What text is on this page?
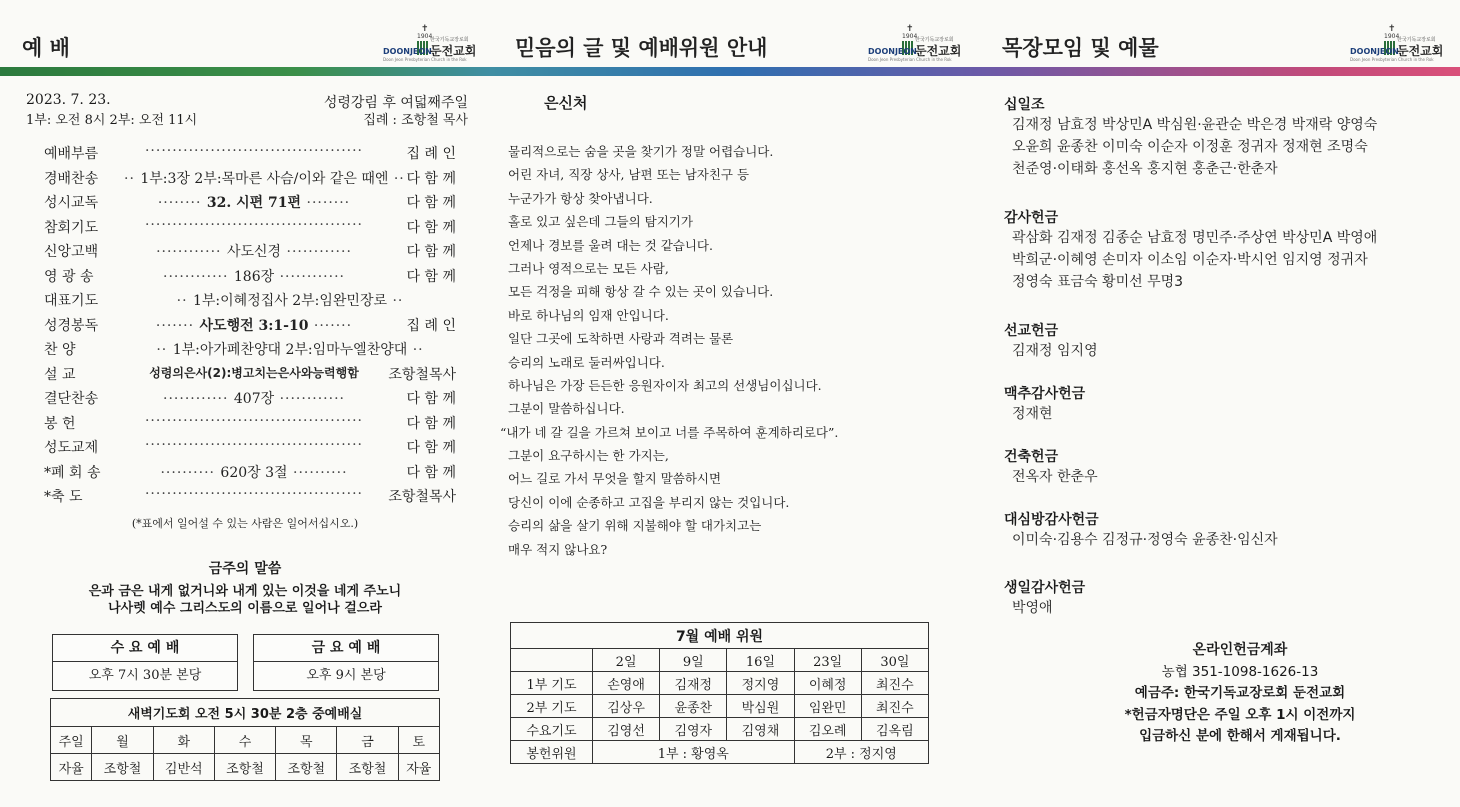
예 배
✝
1904
한국기독교장로회
DOONJEON
둔전교회
Doon Jeon Presbyterian Church in the Rok
2023. 7. 23.
1부: 오전 8시 2부: 오전 11시
성령강림 후 여덟째주일
집례 : 조항철 목사
예배부름	········································	집 례 인
경배찬송	·· 1부:3장 2부:목마른 사슴/이와 같은 때엔 ·· 다 함 께
성시교독	········ 32. 시편 71편 ········	다 함 께
참회기도	········································	다 함 께
신앙고백	············ 사도신경 ············	다 함 께
영 광 송	············ 186장 ············	다 함 께
대표기도	·· 1부:이혜정집사 2부:임완민장로 ··
성경봉독	······· 사도행전 3:1-10 ·······	집 례 인
찬 양	·· 1부:아가페찬양대 2부:임마누엘찬양대 ··
설 교	성령의은사(2):병고치는은사와능력행함	조항철목사
결단찬송	············ 407장 ············	다 함 께
봉 헌	········································	다 함 께
성도교제	········································	다 함 께
*폐 회 송	·········· 620장 3절 ··········	다 함 께
*축 도	········································	조항철목사
(*표에서 일어설 수 있는 사람은 일어서십시오.)
금주의 말씀
은과 금은 내게 없거니와 내게 있는 이것을 네게 주노니
나사렛 예수 그리스도의 이름으로 일어나 걸으라
수 요 예 배
오후 7시 30분 본당
금 요 예 배
오후 9시 본당
새벽기도회 오전 5시 30분 2층 중예배실						
주일	월	화	수	목	금	토
자율	조항철	김반석	조항철	조항철	조항철	자율
믿음의 글 및 예배위원 안내
✝
1904
한국기독교장로회
DOONJEON
둔전교회
Doon Jeon Presbyterian Church in the Rok
은신처
물리적으로는 숨을 곳을 찾기가 정말 어렵습니다.
어린 자녀, 직장 상사, 남편 또는 남자친구 등
누군가가 항상 찾아냅니다.
홀로 있고 싶은데 그들의 탐지기가
언제나 경보를 울려 대는 것 같습니다.
그러나 영적으로는 모든 사람,
모든 걱정을 피해 항상 갈 수 있는 곳이 있습니다.
바로 하나님의 임재 안입니다.
일단 그곳에 도착하면 사랑과 격려는 물론
승리의 노래로 둘러싸입니다.
하나님은 가장 든든한 응원자이자 최고의 선생님이십니다.
그분이 말씀하십니다.
“내가 네 갈 길을 가르쳐 보이고 너를 주목하여 훈계하리로다”.
그분이 요구하시는 한 가지는,
어느 길로 가서 무엇을 할지 말씀하시면
당신이 이에 순종하고 고집을 부리지 않는 것입니다.
승리의 삶을 살기 위해 지불해야 할 대가치고는
매우 적지 않나요?
7월 예배 위원					
	2일	9일	16일	23일	30일
1부 기도	손영애	김재정	정지영	이혜정	최진수
2부 기도	김상우	윤종찬	박심원	임완민	최진수
수요기도	김영선	김영자	김영채	김오례	김옥림
봉헌위원	1부 : 황영옥			2부 : 정지영	
목장모임 및 예물
✝
1904
한국기독교장로회
DOONJEON
둔전교회
Doon Jeon Presbyterian Church in the Rok
십일조
김재정 남효정 박상민A 박심원·윤관순 박은경 박재락 양영숙
오윤희 윤종찬 이미숙 이순자 이정훈 정귀자 정재현 조명숙
천준영·이태화 홍선옥 홍지현 홍춘근·한춘자
감사헌금
곽삼화 김재정 김종순 남효정 명민주·주상연 박상민A 박영애
박희군·이혜영 손미자 이소임 이순자·박시언 임지영 정귀자
정영숙 표금숙 황미선 무명3
선교헌금
김재정 임지영
맥추감사헌금
정재현
건축헌금
전옥자 한춘우
대심방감사헌금
이미숙·김용수 김정규·정영숙 윤종찬·임신자
생일감사헌금
박영애
온라인헌금계좌
농협 351-1098-1626-13
예금주: 한국기독교장로회 둔전교회
*헌금자명단은 주일 오후 1시 이전까지
입금하신 분에 한해서 게재됩니다.
